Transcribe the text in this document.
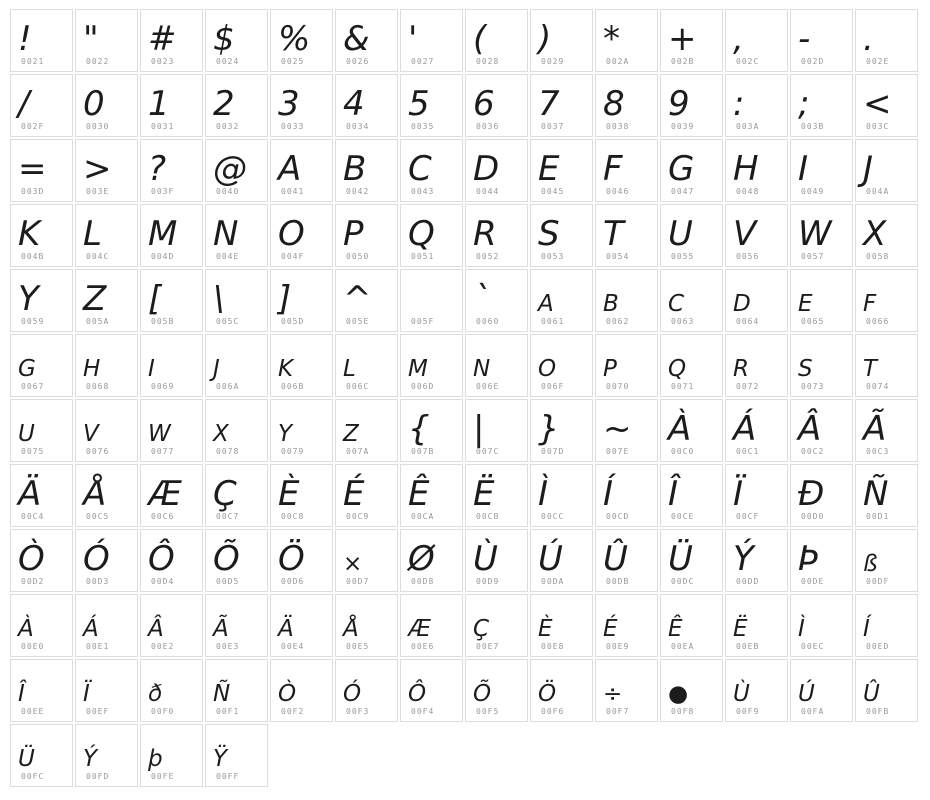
!
0021
"
0022
#
0023
$
0024
%
0025
&
0026
'
0027
(
0028
)
0029
*
002A
+
002B
,
002C
-
002D
.
002E
/
002F
0
0030
1
0031
2
0032
3
0033
4
0034
5
0035
6
0036
7
0037
8
0038
9
0039
:
003A
;
003B
<
003C
=
003D
>
003E
?
003F
@
0040
A
0041
B
0042
C
0043
D
0044
E
0045
F
0046
G
0047
H
0048
I
0049
J
004A
K
004B
L
004C
M
004D
N
004E
O
004F
P
0050
Q
0051
R
0052
S
0053
T
0054
U
0055
V
0056
W
0057
X
0058
Y
0059
Z
005A
[
005B
\
005C
]
005D
^
005E	005F
`
0060
A
0061
B
0062
C
0063
D
0064
E
0065
F
0066
G
0067
H
0068
I
0069
J
006A
K
006B
L
006C
M
006D
N
006E
O
006F
P
0070
Q
0071
R
0072
S
0073
T
0074
U
0075
V
0076
W
0077
X
0078
Y
0079
Z
007A
{
007B
|
007C
}
007D
~
007E
À
00C0
Á
00C1
Â
00C2
Ã
00C3
Ä
00C4
Å
00C5
Æ
00C6
Ç
00C7
È
00C8
É
00C9
Ê
00CA
Ë
00CB
Ì
00CC
Í
00CD
Î
00CE
Ï
00CF
Ð
00D0
Ñ
00D1
Ò
00D2
Ó
00D3
Ô
00D4
Õ
00D5
Ö
00D6
×
00D7
Ø
00D8
Ù
00D9
Ú
00DA
Û
00DB
Ü
00DC
Ý
00DD
Þ
00DE
ß
00DF
À
00E0
Á
00E1
Â
00E2
Ã
00E3
Ä
00E4
Å
00E5
Æ
00E6
Ç
00E7
È
00E8
É
00E9
Ê
00EA
Ë
00EB
Ì
00EC
Í
00ED
Î
00EE
Ï
00EF
ð
00F0
Ñ
00F1
Ò
00F2
Ó
00F3
Ô
00F4
Õ
00F5
Ö
00F6
÷
00F7
●
00F8
Ù
00F9
Ú
00FA
Û
00FB
Ü
00FC
Ý
00FD
þ
00FE
Ÿ
00FF
